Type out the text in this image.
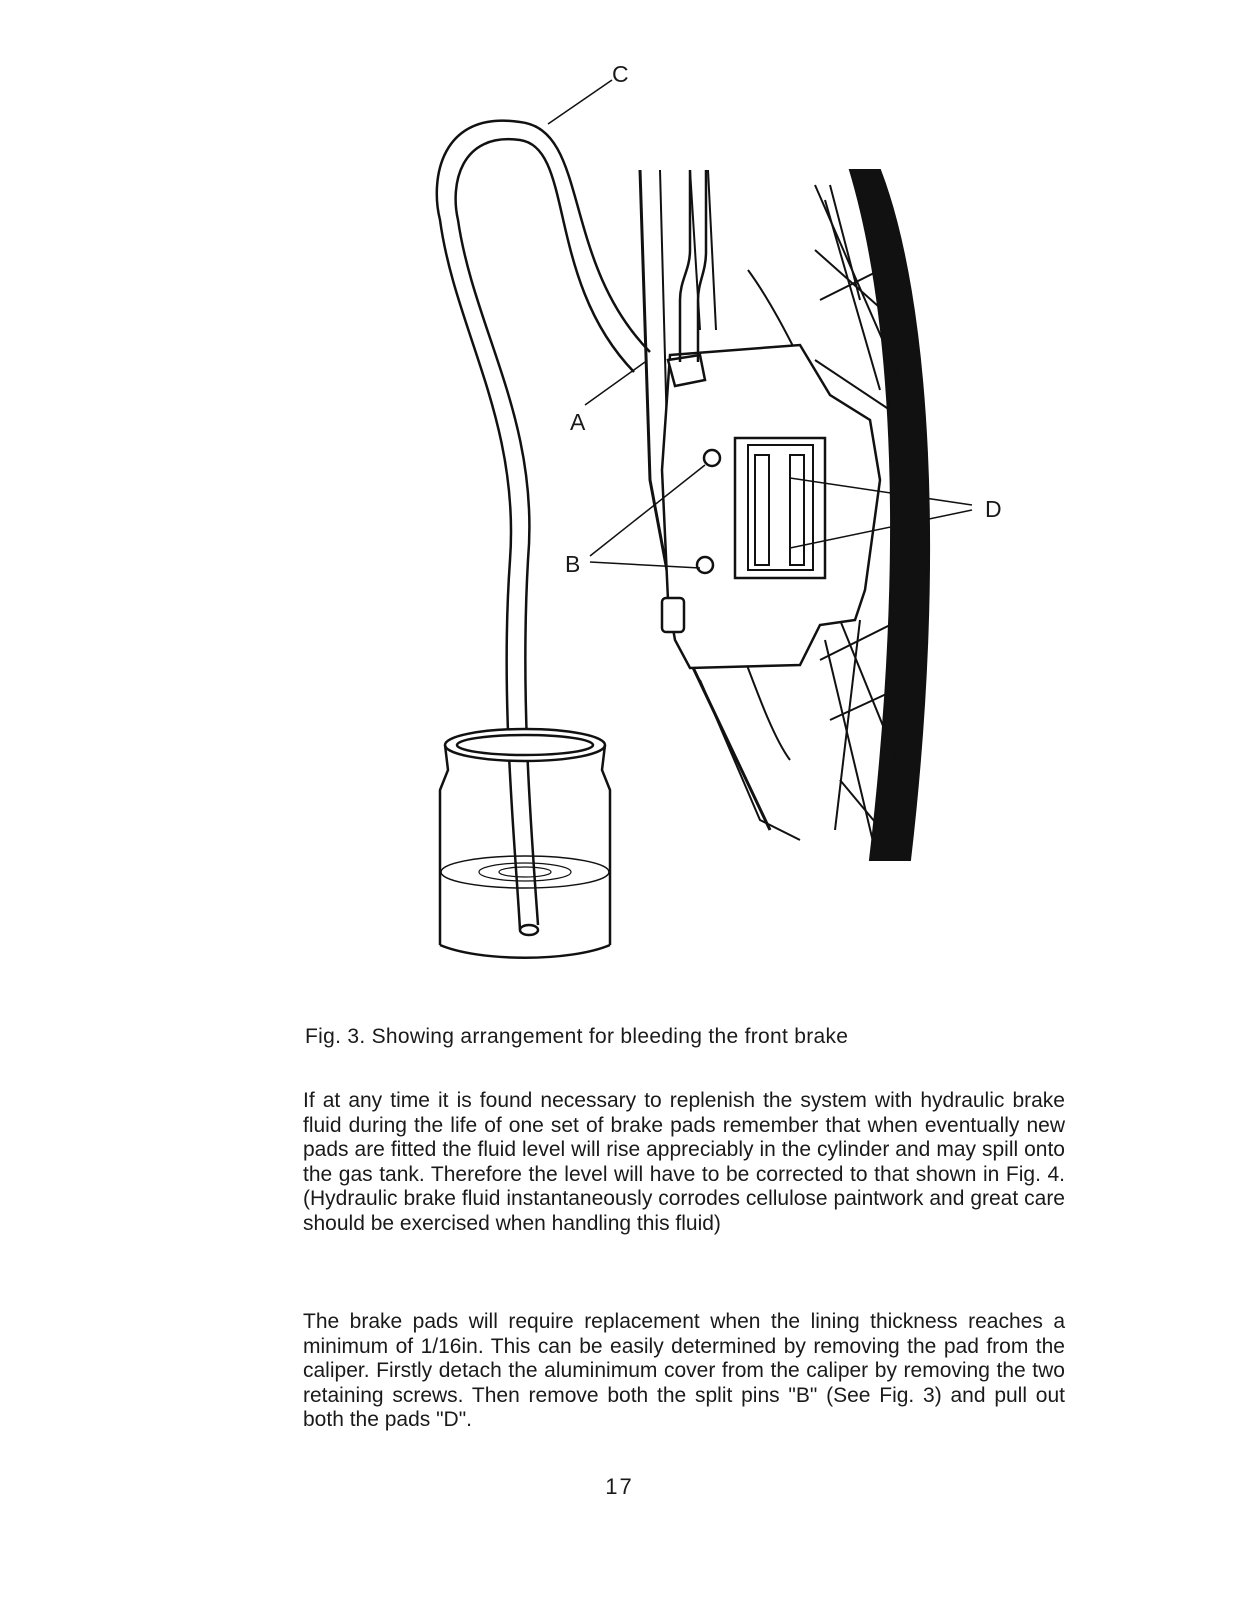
C
A
B
D
Fig. 3. Showing arrangement for bleeding the front brake

If at any time it is found necessary to replenish the system with hydraulic brake fluid during the life of one set of brake pads remember that when eventually new pads are fitted the fluid level will rise appreciably in the cylinder and may spill onto the gas tank. Therefore the level will have to be corrected to that shown in Fig. 4. (Hydraulic brake fluid instantaneously corrodes cellulose paintwork and great care should be exercised when handling this fluid)

The brake pads will require replacement when the lining thickness reaches a minimum of 1/16in. This can be easily determined by removing the pad from the caliper. Firstly detach the aluminimum cover from the caliper by removing the two retaining screws. Then remove both the split pins "B" (See Fig. 3) and pull out both the pads "D".

17
